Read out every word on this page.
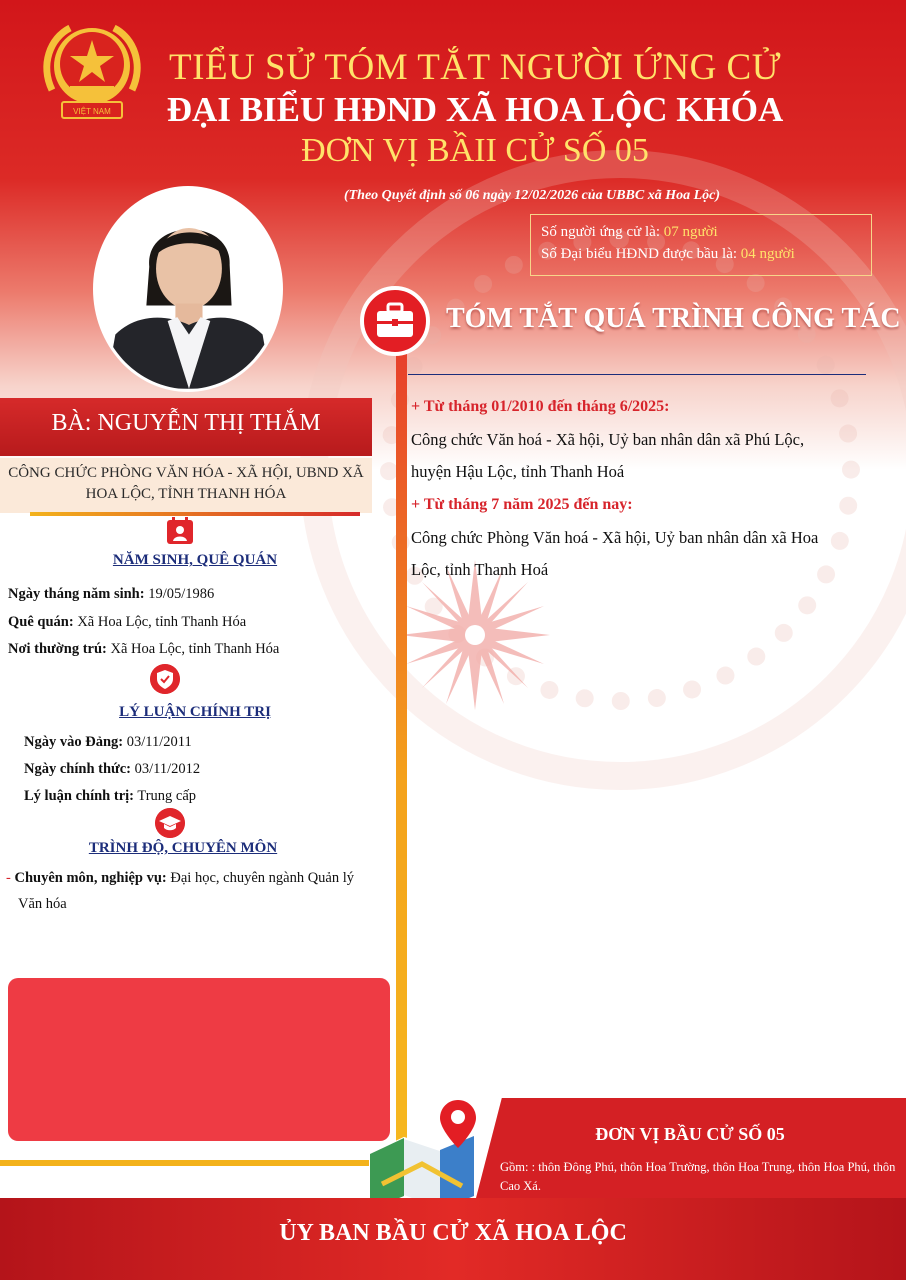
VIỆT NAM
TIỂU SỬ TÓM TẮT NGƯỜI ỨNG CỬ
ĐẠI BIỂU HĐND XÃ HOA LỘC KHÓA
ĐƠN VỊ BẦII CỬ SỐ 05
(Theo Quyết định số 06 ngày 12/02/2026 của UBBC xã Hoa Lộc)
Số người ứng cử là: 07 người
Số Đại biểu HĐND được bầu là: 04 người
BÀ: NGUYỄN THỊ THẮM
CÔNG CHỨC PHÒNG VĂN HÓA - XÃ HỘI, UBND XÃ HOA LỘC, TỈNH THANH HÓA
NĂM SINH, QUÊ QUÁN
Ngày tháng năm sinh: 19/05/1986
Quê quán: Xã Hoa Lộc, tỉnh Thanh Hóa
Nơi thường trú: Xã Hoa Lộc, tỉnh Thanh Hóa
LÝ LUẬN CHÍNH TRỊ
Ngày vào Đảng: 03/11/2011
Ngày chính thức: 03/11/2012
Lý luận chính trị: Trung cấp
TRÌNH ĐỘ, CHUYÊN MÔN
- Chuyên môn, nghiệp vụ: Đại học, chuyên ngành Quản lý
Văn hóa
TÓM TẮT QUÁ TRÌNH CÔNG TÁC
+ Từ tháng 01/2010 đến tháng 6/2025:
Công chức Văn hoá - Xã hội, Uỷ ban nhân dân xã Phú Lộc,
huyện Hậu Lộc, tỉnh Thanh Hoá
+ Từ tháng 7 năm 2025 đến nay:
Công chức Phòng Văn hoá - Xã hội, Uỷ ban nhân dân xã Hoa
Lộc, tỉnh Thanh Hoá
ĐƠN VỊ BẦU CỬ SỐ 05
Gồm: : thôn Đông Phú, thôn Hoa Trường, thôn Hoa Trung, thôn Hoa Phú, thôn Cao Xá.
ỦY BAN BẦU CỬ XÃ HOA LỘC
